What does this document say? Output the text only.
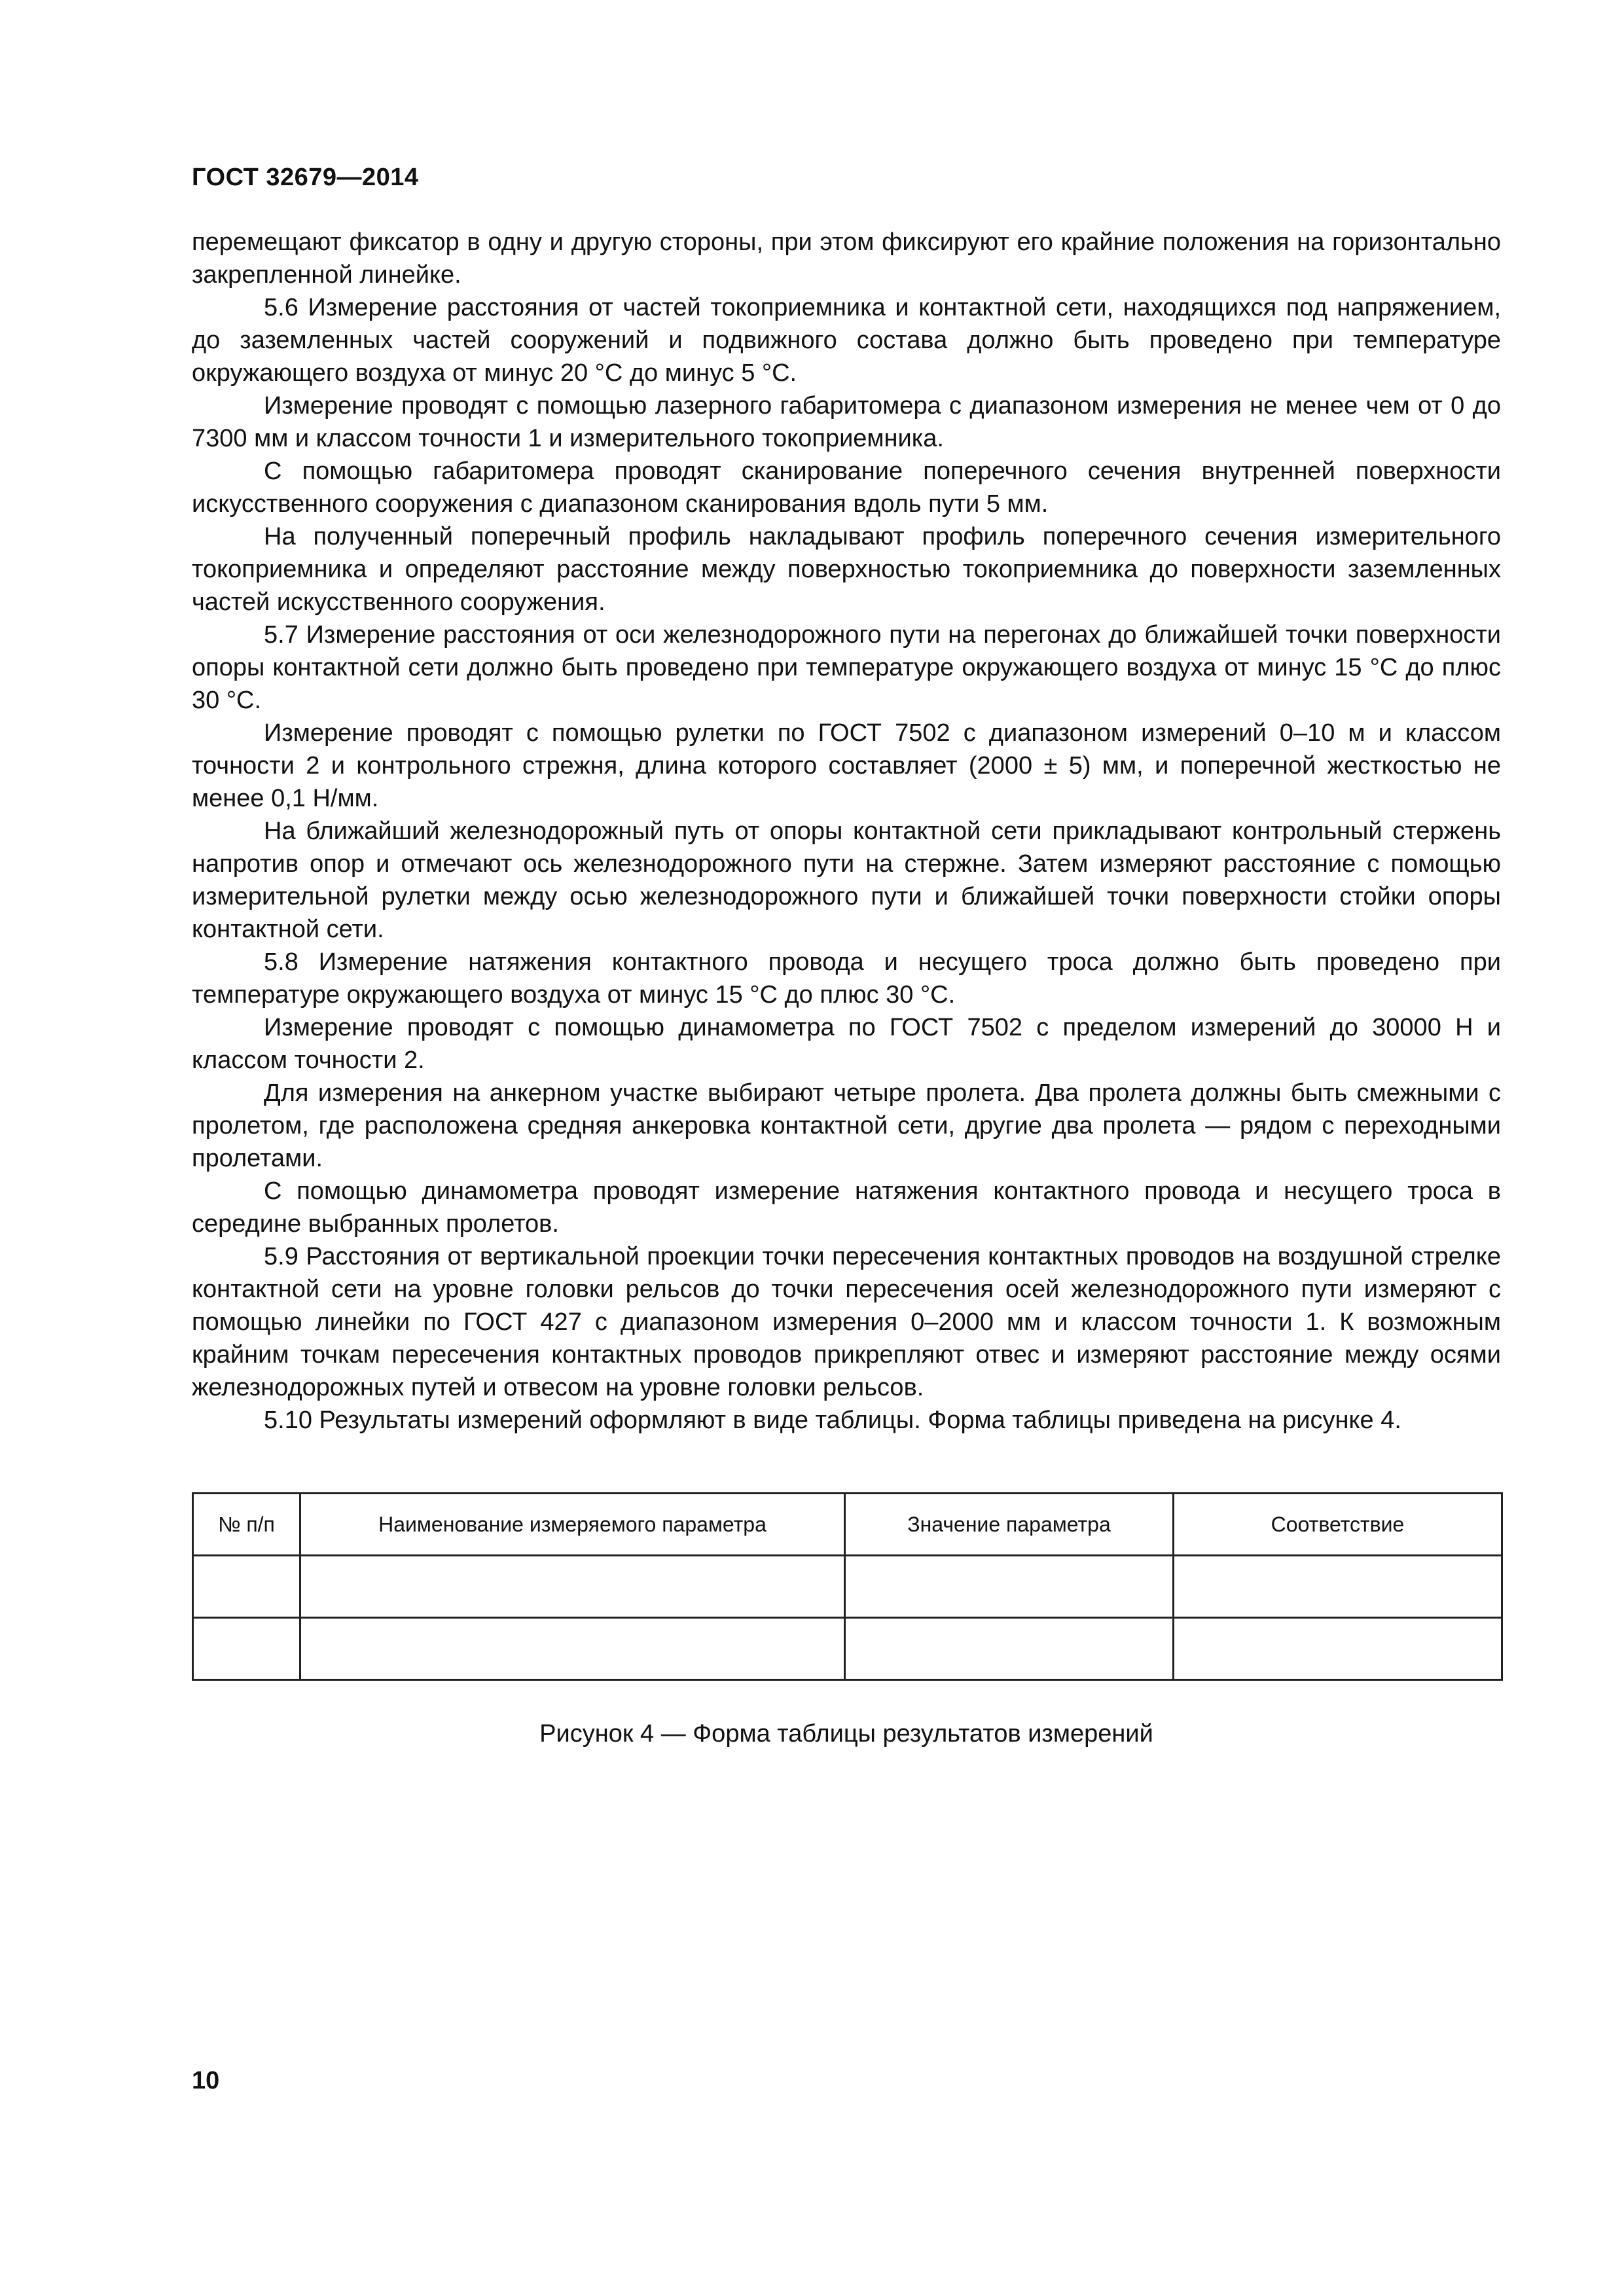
ГОСТ 32679—2014

перемещают фиксатор в одну и другую стороны, при этом фиксируют его крайние положения на горизонтально закрепленной линейке.

5.6 Измерение расстояния от частей токоприемника и контактной сети, находящихся под напряжением, до заземленных частей сооружений и подвижного состава должно быть проведено при температуре окружающего воздуха от минус 20 °С до минус 5 °С.

Измерение проводят с помощью лазерного габаритомера с диапазоном измерения не менее чем от 0 до 7300 мм и классом точности 1 и измерительного токоприемника.

С помощью габаритомера проводят сканирование поперечного сечения внутренней поверхности искусственного сооружения с диапазоном сканирования вдоль пути 5 мм.

На полученный поперечный профиль накладывают профиль поперечного сечения измерительного токоприемника и определяют расстояние между поверхностью токоприемника до поверхности заземленных частей искусственного сооружения.

5.7 Измерение расстояния от оси железнодорожного пути на перегонах до ближайшей точки поверхности опоры контактной сети должно быть проведено при температуре окружающего воздуха от минус 15 °С до плюс 30 °С.

Измерение проводят с помощью рулетки по ГОСТ 7502 с диапазоном измерений 0–10 м и классом точности 2 и контрольного стрежня, длина которого составляет (2000 ± 5) мм, и поперечной жесткостью не менее 0,1 Н/мм.

На ближайший железнодорожный путь от опоры контактной сети прикладывают контрольный стержень напротив опор и отмечают ось железнодорожного пути на стержне. Затем измеряют расстояние с помощью измерительной рулетки между осью железнодорожного пути и ближайшей точки поверхности стойки опоры контактной сети.

5.8 Измерение натяжения контактного провода и несущего троса должно быть проведено при температуре окружающего воздуха от минус 15 °С до плюс 30 °С.

Измерение проводят с помощью динамометра по ГОСТ 7502 с пределом измерений до 30000 Н и классом точности 2.

Для измерения на анкерном участке выбирают четыре пролета. Два пролета должны быть смежными с пролетом, где расположена средняя анкеровка контактной сети, другие два пролета — рядом с переходными пролетами.

С помощью динамометра проводят измерение натяжения контактного провода и несущего троса в середине выбранных пролетов.

5.9 Расстояния от вертикальной проекции точки пересечения контактных проводов на воздушной стрелке контактной сети на уровне головки рельсов до точки пересечения осей железнодорожного пути измеряют с помощью линейки по ГОСТ 427 с диапазоном измерения 0–2000 мм и классом точности 1. К возможным крайним точкам пересечения контактных проводов прикрепляют отвес и измеряют расстояние между осями железнодорожных путей и отвесом на уровне головки рельсов.

5.10 Результаты измерений оформляют в виде таблицы. Форма таблицы приведена на рисунке 4.

№ п/п	Наименование измеряемого параметра	Значение параметра	Соответствие

Рисунок 4 — Форма таблицы результатов измерений
10
